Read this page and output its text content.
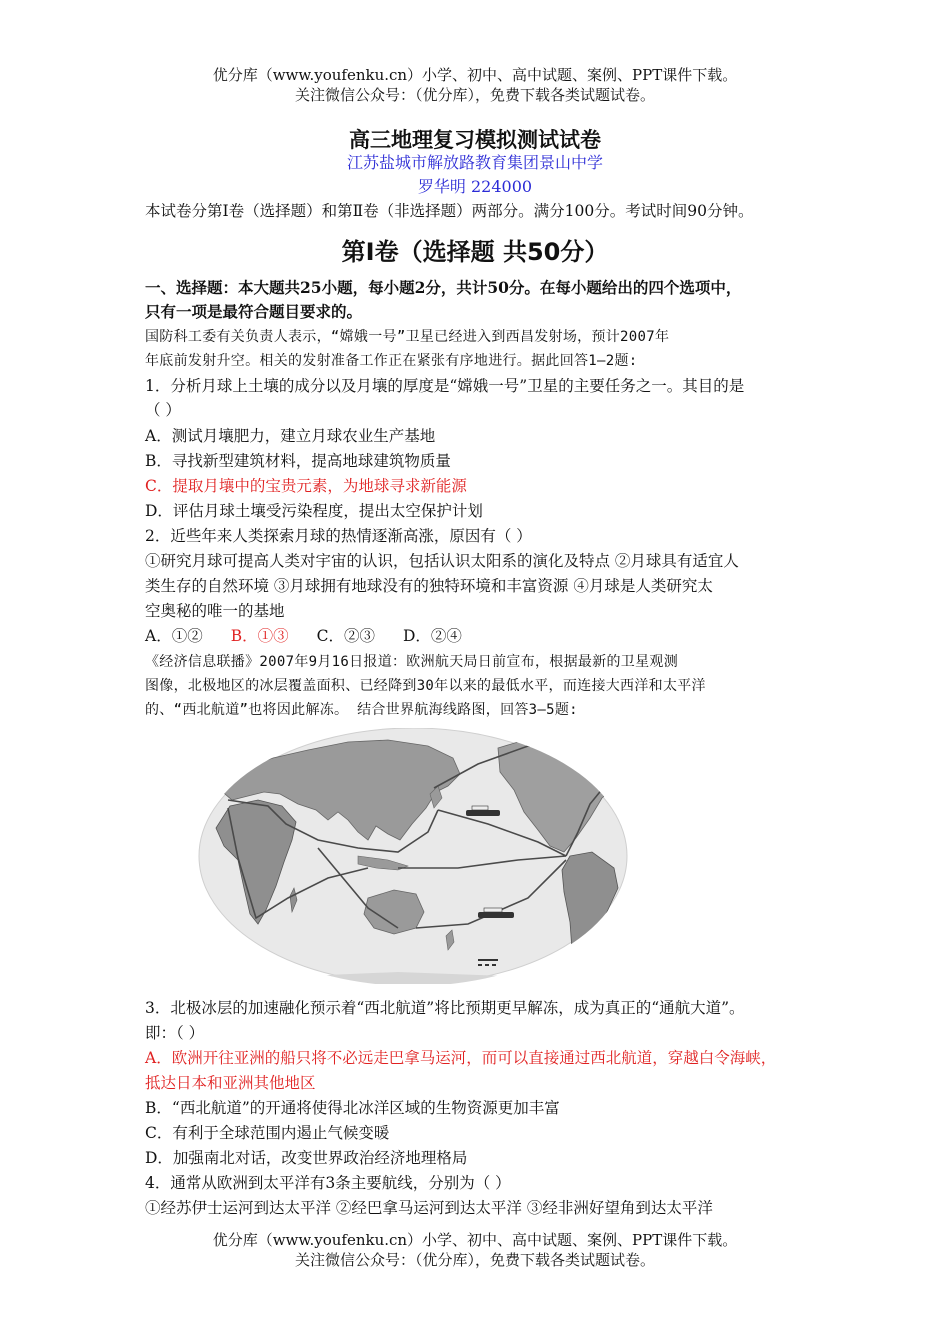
优分库（www.youfenku.cn）小学、初中、高中试题、案例、PPT课件下载。
关注微信公众号：（优分库），免费下载各类试题试卷。
高三地理复习模拟测试试卷
江苏盐城市解放路教育集团景山中学
罗华明 224000
本试卷分第Ⅰ卷（选择题）和第Ⅱ卷（非选择题）两部分。满分100分。考试时间90分钟。
第Ⅰ卷（选择题 共50分）
一、选择题：本大题共25小题，每小题2分，共计50分。在每小题给出的四个选项中，
只有一项是最符合题目要求的。
国防科工委有关负责人表示，“嫦娥一号”卫星已经进入到西昌发射场，预计2007年
年底前发射升空。相关的发射准备工作正在紧张有序地进行。据此回答1—2题:
1．分析月球上土壤的成分以及月壤的厚度是“嫦娥一号”卫星的主要任务之一。其目的是
（ ）
A．测试月壤肥力，建立月球农业生产基地
B．寻找新型建筑材料，提高地球建筑物质量
C．提取月壤中的宝贵元素，为地球寻求新能源
D．评估月球土壤受污染程度，提出太空保护计划
2．近些年来人类探索月球的热情逐渐高涨，原因有（ ）
①研究月球可提高人类对宇宙的认识，包括认识太阳系的演化及特点 ②月球具有适宜人
类生存的自然环境 ③月球拥有地球没有的独特环境和丰富资源 ④月球是人类研究太
空奥秘的唯一的基地
A．①② B．①③ C．②③ D．②④
《经济信息联播》2007年9月16日报道：欧洲航天局日前宣布，根据最新的卫星观测
图像，北极地区的冰层覆盖面积、已经降到30年以来的最低水平，而连接大西洋和太平洋
的、“西北航道”也将因此解冻。 结合世界航海线路图，回答3—5题:
3．北极冰层的加速融化预示着“西北航道”将比预期更早解冻，成为真正的“通航大道”。
即：（ ）
A．欧洲开往亚洲的船只将不必远走巴拿马运河，而可以直接通过西北航道，穿越白令海峡，
抵达日本和亚洲其他地区
B．“西北航道”的开通将使得北冰洋区域的生物资源更加丰富
C．有利于全球范围内遏止气候变暖
D．加强南北对话，改变世界政治经济地理格局
4．通常从欧洲到太平洋有3条主要航线，分别为（ ）
①经苏伊士运河到达太平洋 ②经巴拿马运河到达太平洋 ③经非洲好望角到达太平洋
优分库（www.youfenku.cn）小学、初中、高中试题、案例、PPT课件下载。
关注微信公众号：（优分库），免费下载各类试题试卷。
